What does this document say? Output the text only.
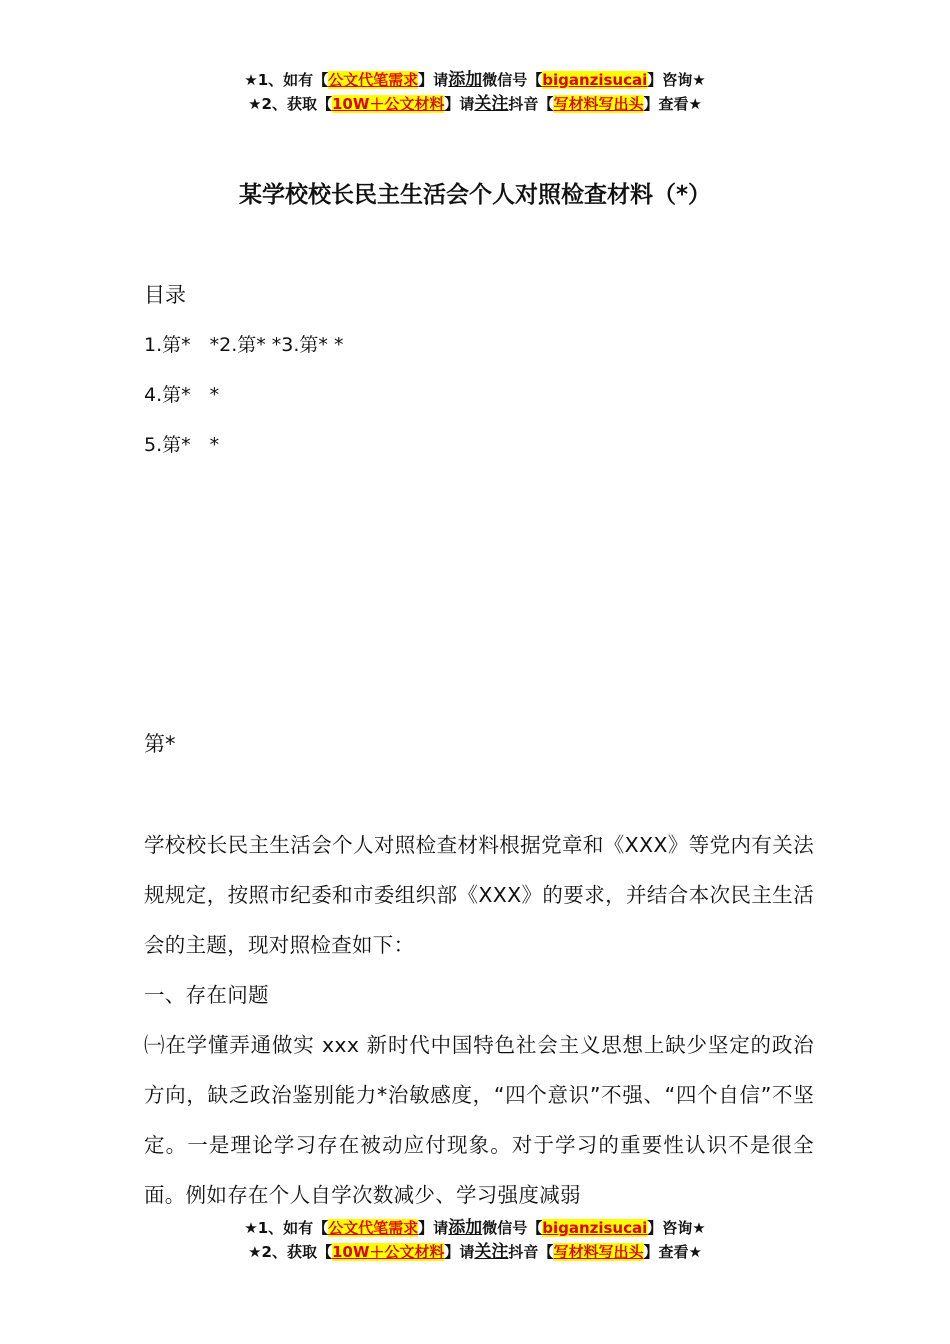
★1、如有【公文代笔需求】请添加微信号【biganzisucai】咨询★
★2、获取【10W＋公文材料】请关注抖音【写材料写出头】查看★
某学校校长民主生活会个人对照检查材料（*）
目录
1.第*　*2.第* *3.第* *
4.第*　*
5.第*　*
第*

学校校长民主生活会个人对照检查材料根据党章和《XXX》等党内有关法规规定，按照市纪委和市委组织部《XXX》的要求，并结合本次民主生活会的主题，现对照检查如下：

一、存在问题

㈠在学懂弄通做实 xxx 新时代中国特色社会主义思想上缺少坚定的政治方向，缺乏政治鉴别能力*治敏感度，“四个意识”不强、“四个自信”不坚定。一是理论学习存在被动应付现象。对于学习的重要性认识不是很全面。例如存在个人自学次数减少、学习强度减弱

★1、如有【公文代笔需求】请添加微信号【biganzisucai】咨询★
★2、获取【10W＋公文材料】请关注抖音【写材料写出头】查看★
